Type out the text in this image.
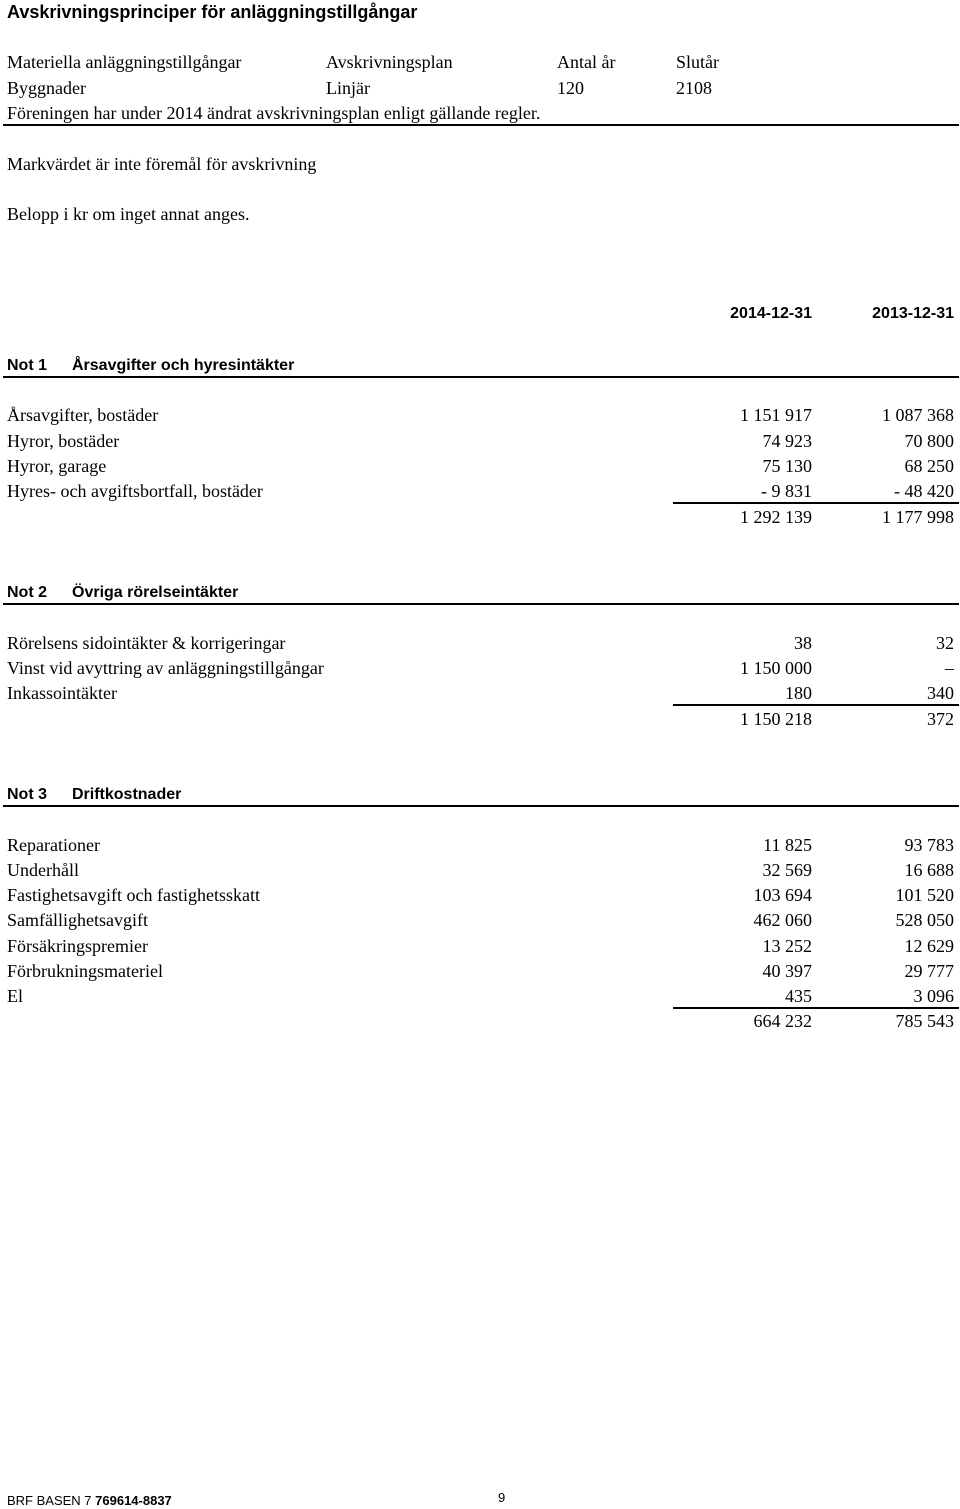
Avskrivningsprinciper för anläggningstillgångar
Materiella anläggningstillgångar	Avskrivningsplan	Antal år	Slutår
Byggnader	Linjär	120	2108
Föreningen har under 2014 ändrat avskrivningsplan enligt gällande regler.
Markvärdet är inte föremål för avskrivning
Belopp i kr om inget annat anges.
2014-12-31	2013-12-31
Not 1 Årsavgifter och hyresintäkter
Årsavgifter, bostäder	1 151 917	1 087 368
Hyror, bostäder	74 923	70 800
Hyror, garage	75 130	68 250
Hyres- och avgiftsbortfall, bostäder	- 9 831	- 48 420
1 292 139	1 177 998
Not 2 Övriga rörelseintäkter
Rörelsens sidointäkter & korrigeringar	38	32
Vinst vid avyttring av anläggningstillgångar	1 150 000	–
Inkassointäkter	180	340
1 150 218	372
Not 3 Driftkostnader
Reparationer	11 825	93 783
Underhåll	32 569	16 688
Fastighetsavgift och fastighetsskatt	103 694	101 520
Samfällighetsavgift	462 060	528 050
Försäkringspremier	13 252	12 629
Förbrukningsmateriel	40 397	29 777
El	435	3 096
664 232	785 543
BRF BASEN 7 769614-8837	9
